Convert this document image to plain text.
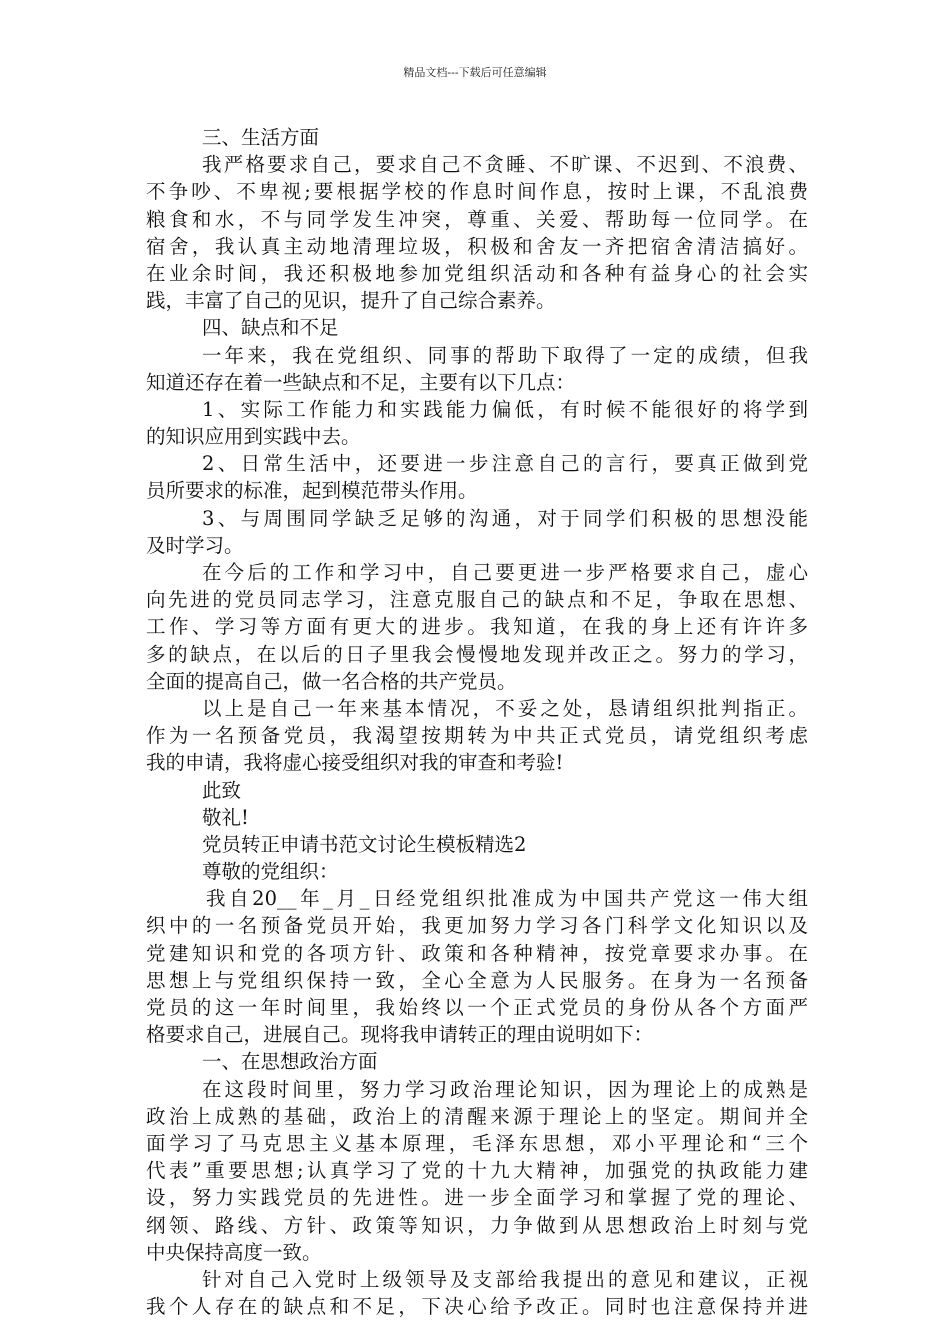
精品文档---下载后可任意编辑
三、生活方面
我严格要求自己，要求自己不贪睡、不旷课、不迟到、不浪费、
不争吵、不卑视;要根据学校的作息时间作息，按时上课，不乱浪费
粮食和水，不与同学发生冲突，尊重、关爱、帮助每一位同学。在
宿舍，我认真主动地清理垃圾，积极和舍友一齐把宿舍清洁搞好。
在业余时间，我还积极地参加党组织活动和各种有益身心的社会实
践，丰富了自己的见识，提升了自己综合素养。
四、缺点和不足
一年来，我在党组织、同事的帮助下取得了一定的成绩，但我
知道还存在着一些缺点和不足，主要有以下几点：
1、实际工作能力和实践能力偏低，有时候不能很好的将学到
的知识应用到实践中去。
2、日常生活中，还要进一步注意自己的言行，要真正做到党
员所要求的标准，起到模范带头作用。
3、与周围同学缺乏足够的沟通，对于同学们积极的思想没能
及时学习。
在今后的工作和学习中，自己要更进一步严格要求自己，虚心
向先进的党员同志学习，注意克服自己的缺点和不足，争取在思想、
工作、学习等方面有更大的进步。我知道，在我的身上还有许许多
多的缺点，在以后的日子里我会慢慢地发现并改正之。努力的学习，
全面的提高自己，做一名合格的共产党员。
以上是自己一年来基本情况，不妥之处，恳请组织批判指正。
作为一名预备党员，我渴望按期转为中共正式党员，请党组织考虑
我的申请，我将虚心接受组织对我的审查和考验!
此致
敬礼!
党员转正申请书范文讨论生模板精选2
尊敬的党组织：
我自20__年_月_日经党组织批准成为中国共产党这一伟大组
织中的一名预备党员开始，我更加努力学习各门科学文化知识以及
党建知识和党的各项方针、政策和各种精神，按党章要求办事。在
思想上与党组织保持一致，全心全意为人民服务。在身为一名预备
党员的这一年时间里，我始终以一个正式党员的身份从各个方面严
格要求自己，进展自己。现将我申请转正的理由说明如下：
一、在思想政治方面
在这段时间里，努力学习政治理论知识，因为理论上的成熟是
政治上成熟的基础，政治上的清醒来源于理论上的坚定。期间并全
面学习了马克思主义基本原理，毛泽东思想，邓小平理论和“三个
代表”重要思想;认真学习了党的十九大精神，加强党的执政能力建
设，努力实践党员的先进性。进一步全面学习和掌握了党的理论、
纲领、路线、方针、政策等知识，力争做到从思想政治上时刻与党
中央保持高度一致。
针对自己入党时上级领导及支部给我提出的意见和建议，正视
我个人存在的缺点和不足，下决心给予改正。同时也注意保持并进
